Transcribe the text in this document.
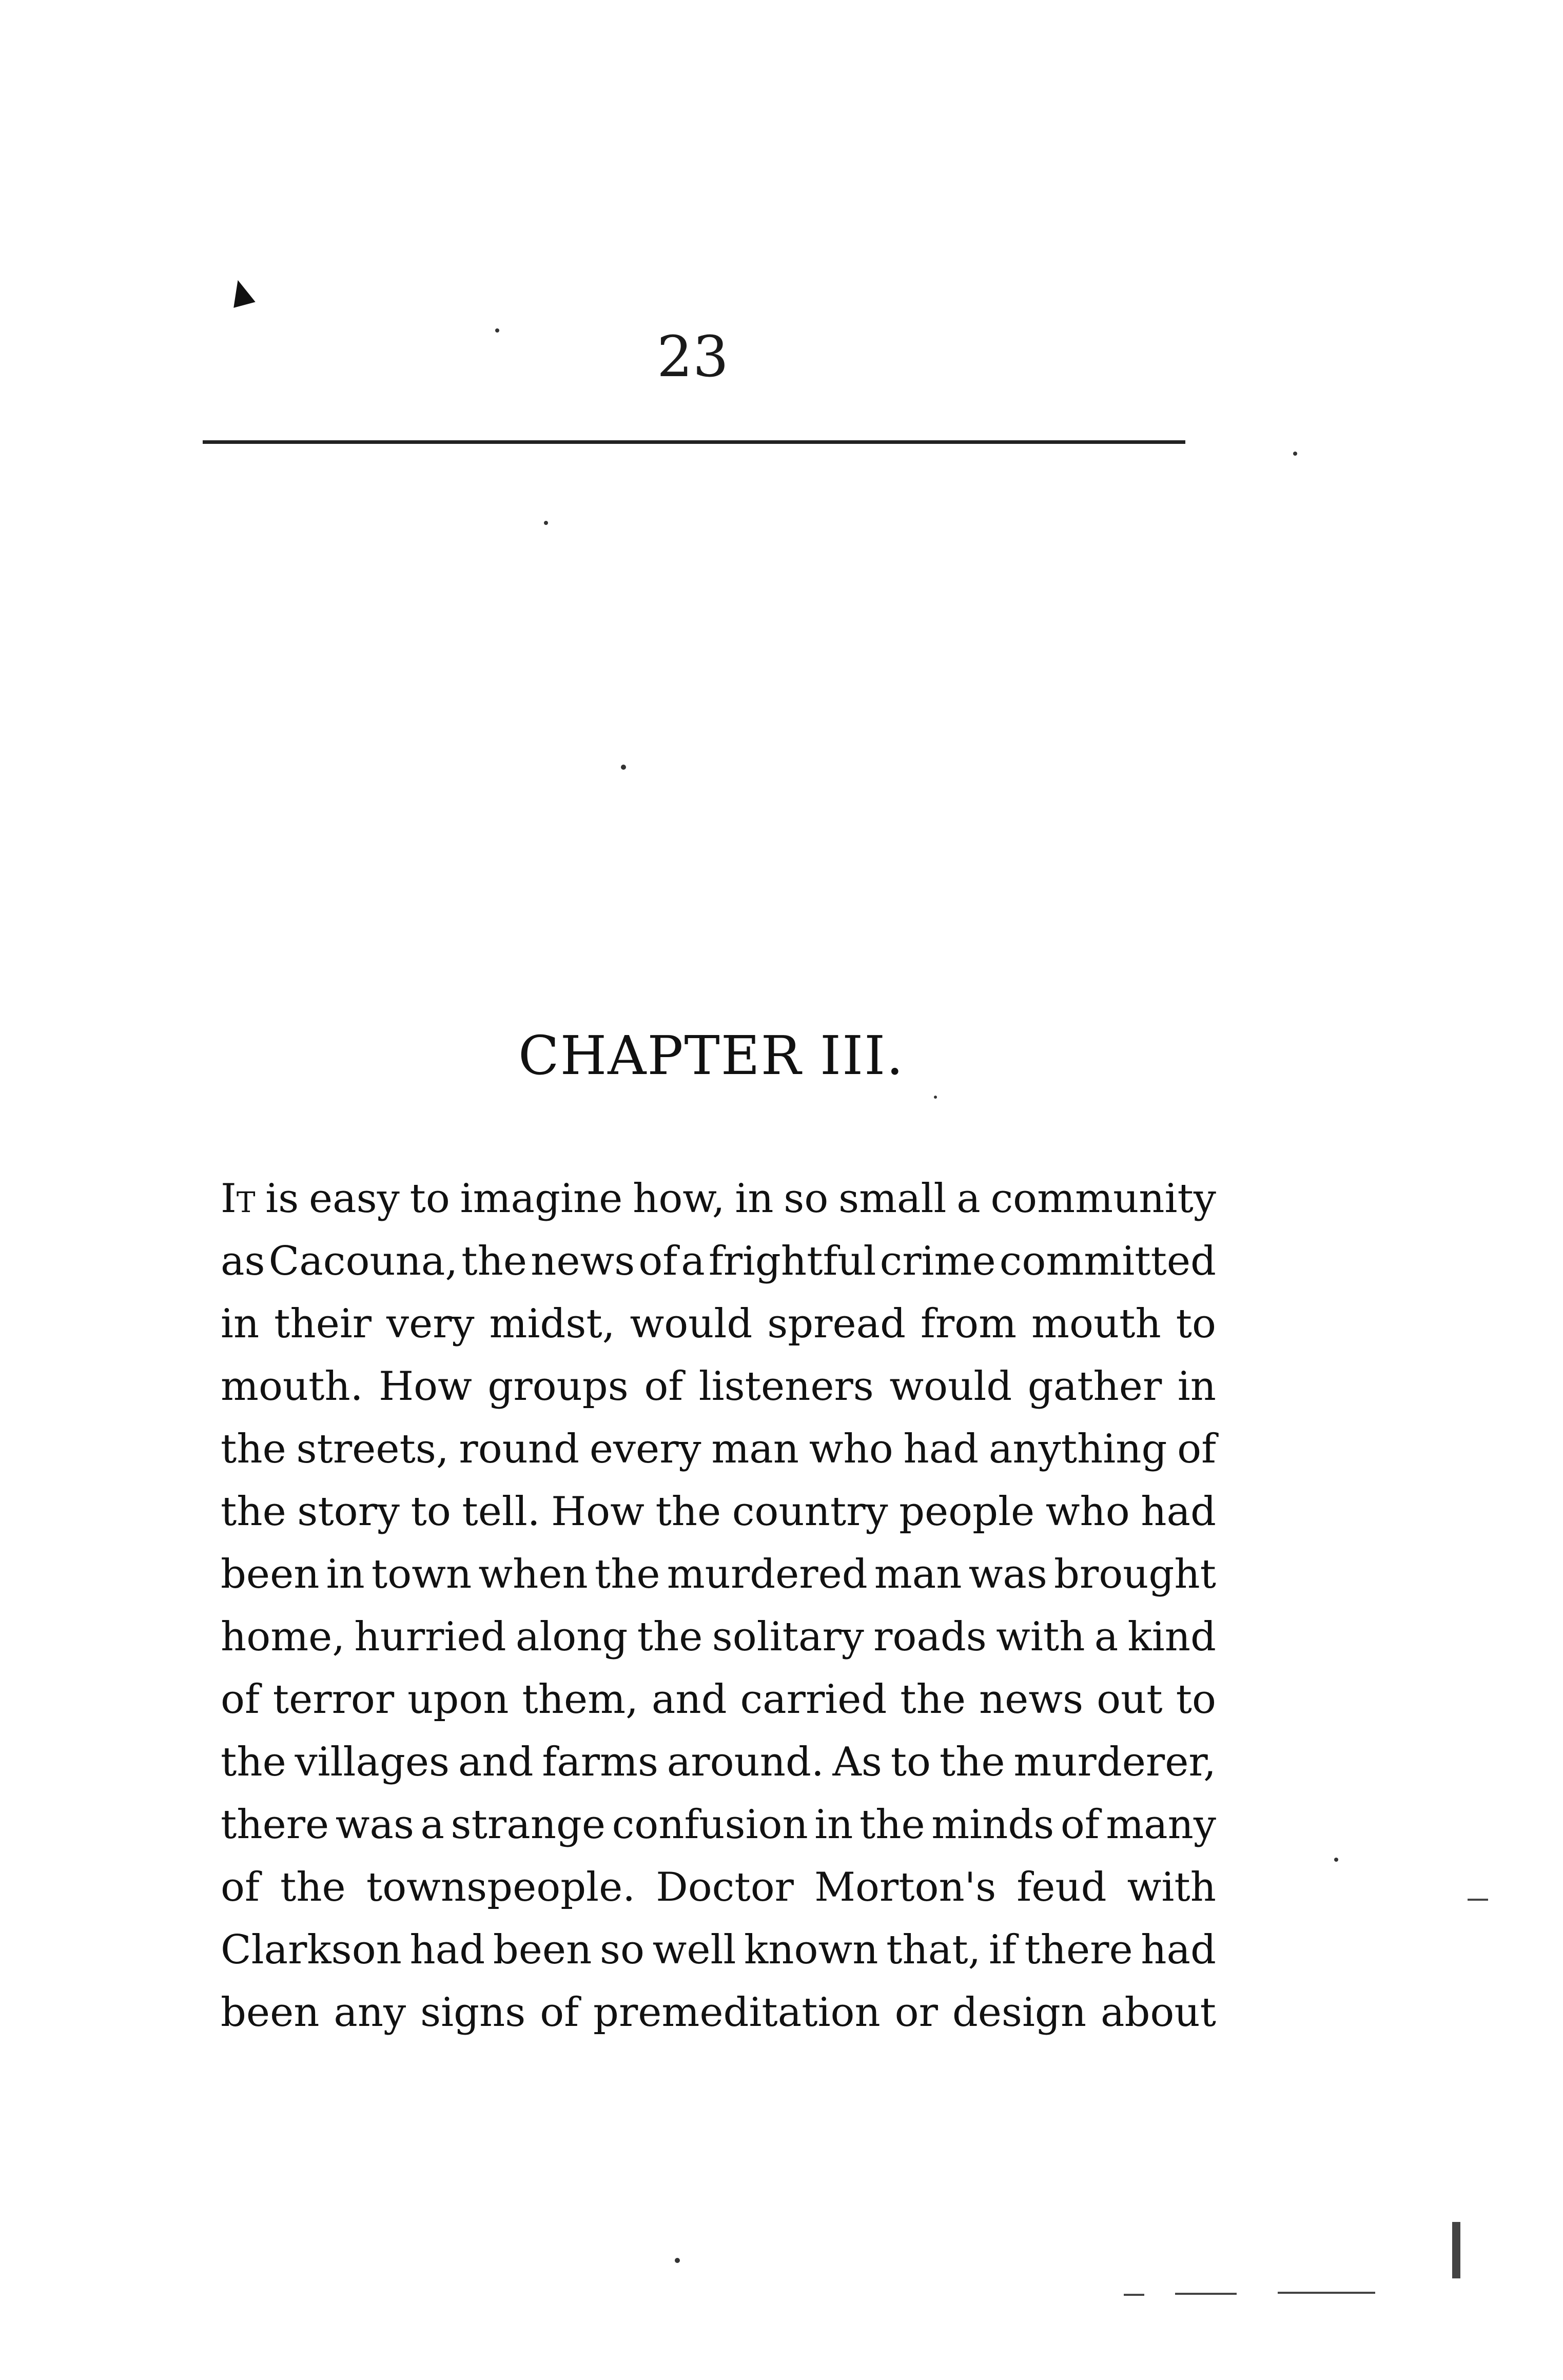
23
CHAPTER III.
It is easy to imagine how, in so small a community
as Cacouna, the news of a frightful crime committed
in their very midst, would spread from mouth to
mouth. How groups of listeners would gather in
the streets, round every man who had anything of
the story to tell. How the country people who had
been in town when the murdered man was brought
home, hurried along the solitary roads with a kind
of terror upon them, and carried the news out to
the villages and farms around. As to the murderer,
there was a strange confusion in the minds of many
of the townspeople. Doctor Morton's feud with
Clarkson had been so well known that, if there had
been any signs of premeditation or design about
